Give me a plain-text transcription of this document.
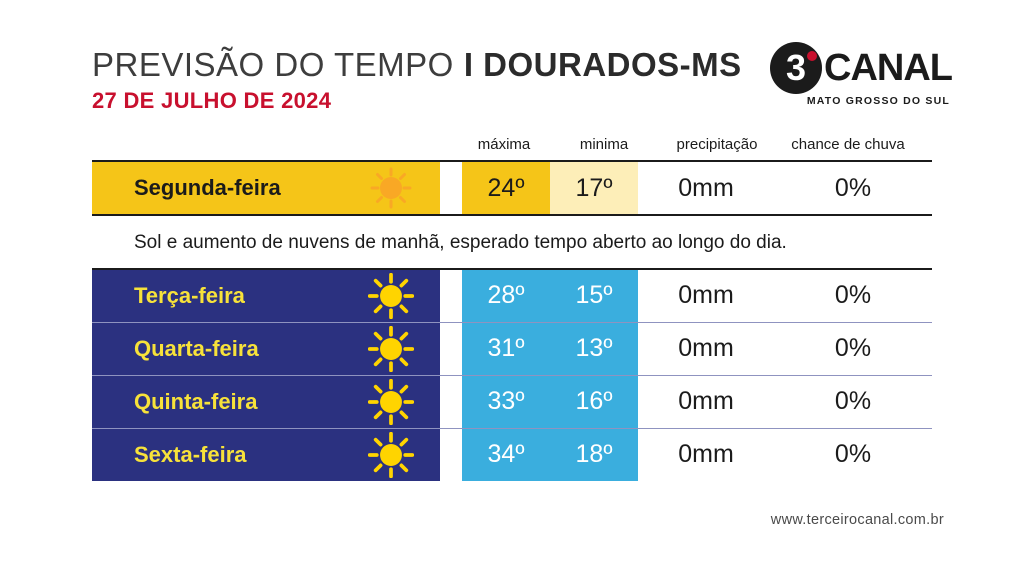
PREVISÃO DO TEMPO I DOURADOS-MS
27 DE JULHO DE 2024
3 CANAL
MATO GROSSO DO SUL
máxima	minima	precipitação	chance de chuva
Segunda-feira	24º	17º	0mm	0%
Sol e aumento de nuvens de manhã, esperado tempo aberto ao longo do dia.
Terça-feira	28º	15º	0mm	0%
Quarta-feira	31º	13º	0mm	0%
Quinta-feira	33º	16º	0mm	0%
Sexta-feira	34º	18º	0mm	0%
www.terceirocanal.com.br
